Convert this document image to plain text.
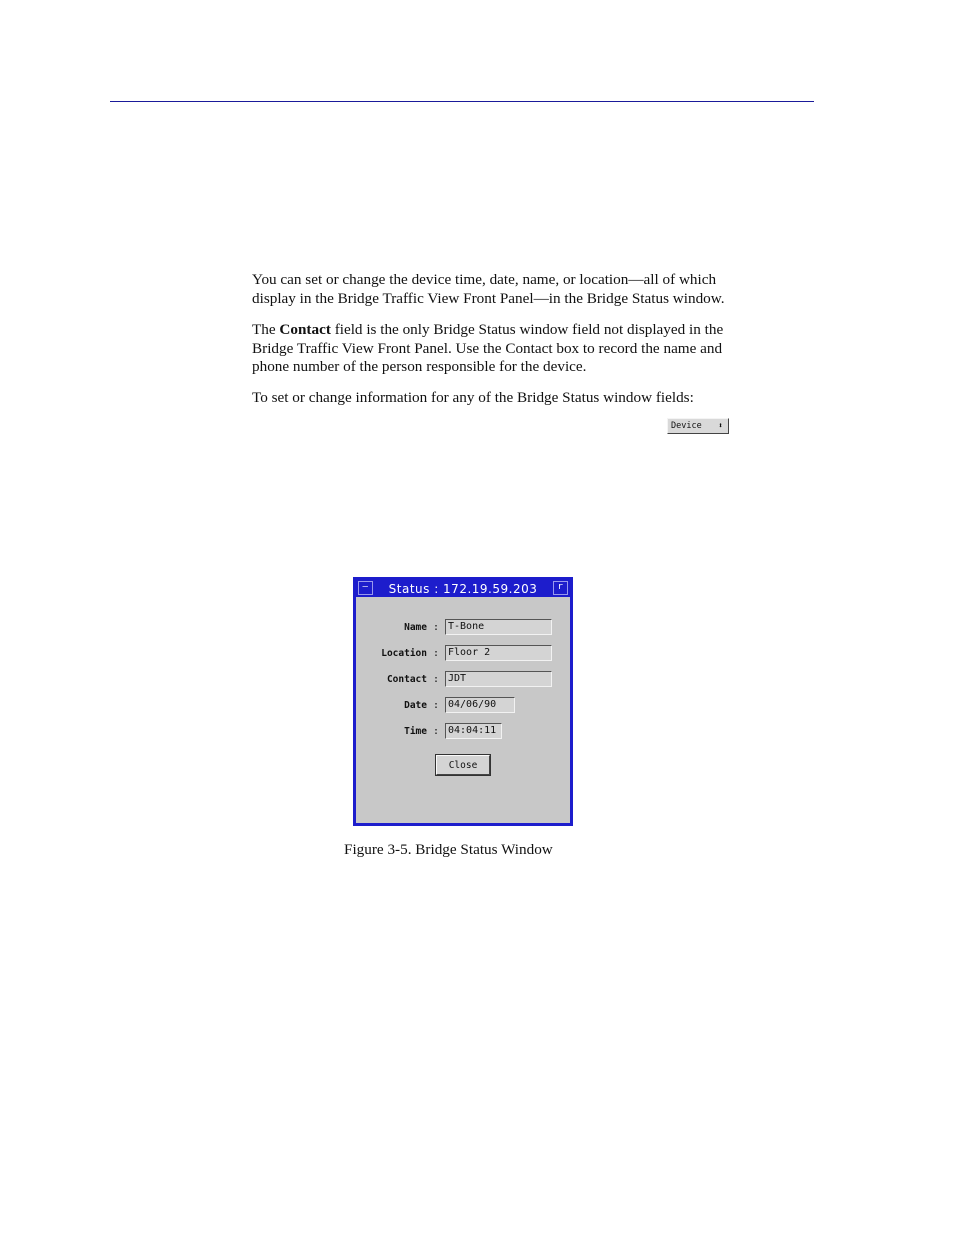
You can set or change the device time, date, name, or location—all of which
display in the Bridge Traffic View Front Panel—in the Bridge Status window.

The Contact field is the only Bridge Status window field not displayed in the
Bridge Traffic View Front Panel. Use the Contact box to record the name and
phone number of the person responsible for the device.

To set or change information for any of the Bridge Status window fields:

Device ⬍
—	Status : 172.19.59.203	r
Name : T-Bone
Location : Floor 2
Contact : JDT
Date : 04/06/90
Time : 04:04:11
Close
Figure 3-5. Bridge Status Window
